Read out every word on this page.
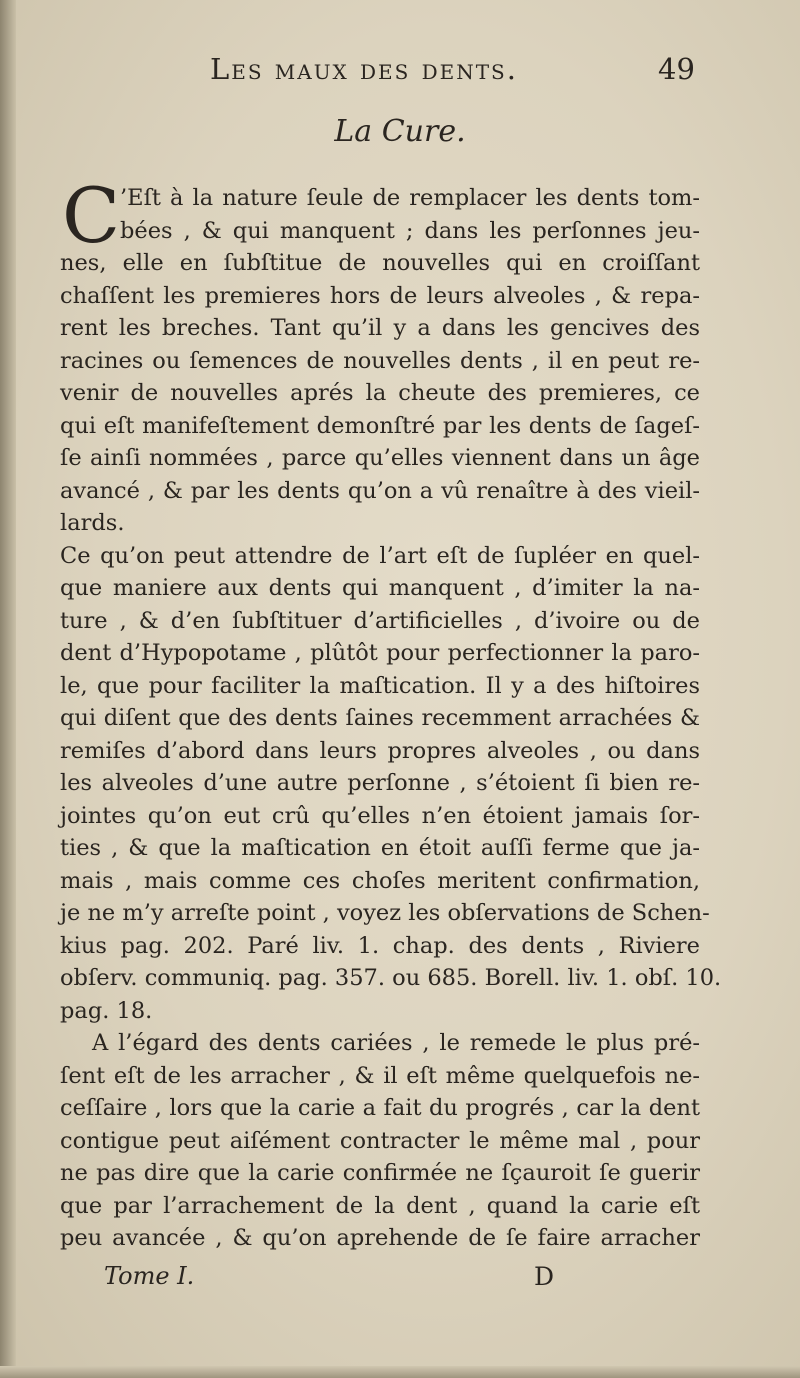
Les maux des dents.	49
La Cure.
C ’Eſt à la nature ſeule de remplacer les dents tom-
bées , & qui manquent ; dans les perſonnes jeu-
nes, elle en ſubſtitue de nouvelles qui en croiſſant
chaſſent les premieres hors de leurs alveoles , & repa-
rent les breches. Tant qu’il y a dans les gencives des
racines ou ſemences de nouvelles dents , il en peut re-
venir de nouvelles aprés la cheute des premieres, ce
qui eſt manifeſtement demonſtré par les dents de ſageſ-
ſe ainſi nommées , parce qu’elles viennent dans un âge
avancé , & par les dents qu’on a vû renaître à des vieil-
lards.
Ce qu’on peut attendre de l’art eſt de ſupléer en quel-
que maniere aux dents qui manquent , d’imiter la na-
ture , & d’en ſubſtituer d’artificielles , d’ivoire ou de
dent d’Hypopotame , plûtôt pour perfectionner la paro-
le, que pour faciliter la maſtication. Il y a des hiſtoires
qui diſent que des dents ſaines recemment arrachées &
remiſes d’abord dans leurs propres alveoles , ou dans
les alveoles d’une autre perſonne , s’étoient ſi bien re-
jointes qu’on eut crû qu’elles n’en étoient jamais ſor-
ties , & que la maſtication en étoit auſſi ferme que ja-
mais , mais comme ces choſes meritent confirmation,
je ne m’y arreſte point , voyez les obſervations de Schen-
kius pag. 202. Paré liv. 1. chap. des dents , Riviere
obſerv. communiq. pag. 357. ou 685. Borell. liv. 1. obſ. 10.
pag. 18.
A l’égard des dents cariées , le remede le plus pré-
ſent eſt de les arracher , & il eſt même quelquefois ne-
ceſſaire , lors que la carie a fait du progrés , car la dent
contigue peut aiſément contracter le même mal , pour
ne pas dire que la carie confirmée ne ſçauroit ſe guerir
que par l’arrachement de la dent , quand la carie eſt
peu avancée , & qu’on aprehende de ſe faire arracher
Tome I.	D
